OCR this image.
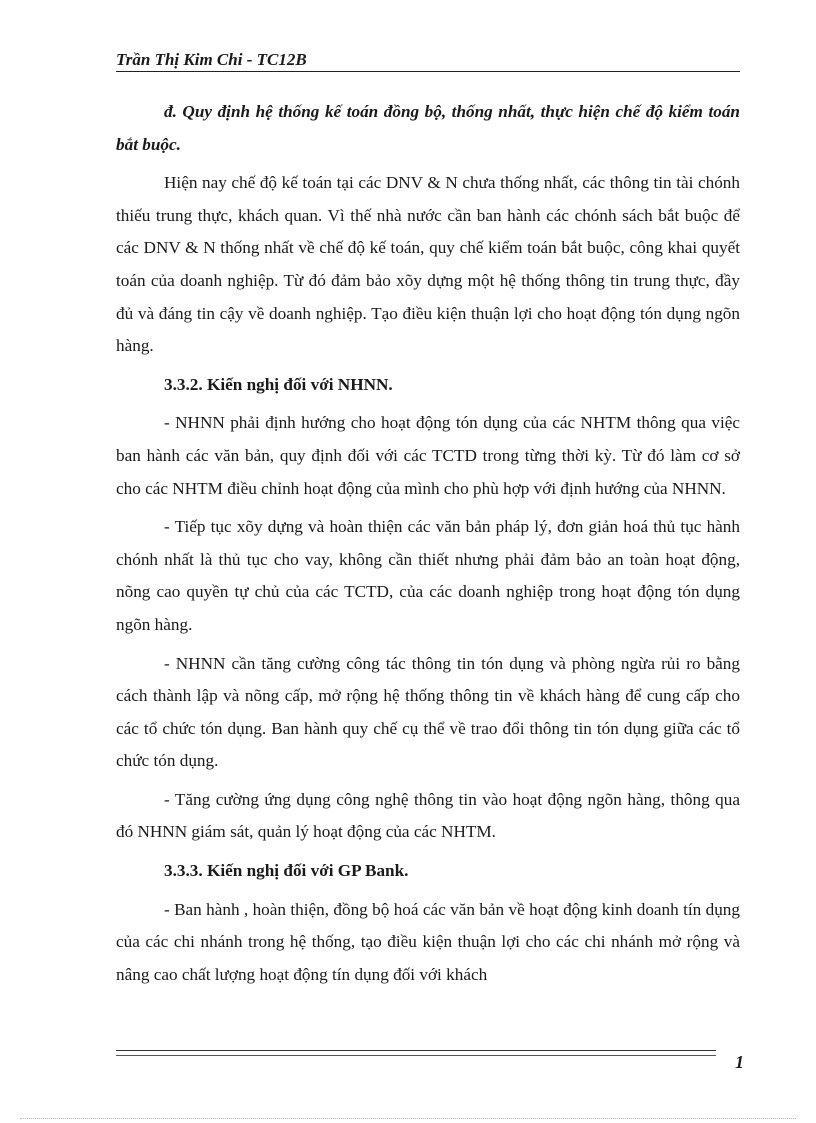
Trần Thị Kim Chi - TC12B

đ. Quy định hệ thống kế toán đồng bộ, thống nhất, thực hiện chế độ kiểm toán bắt buộc.

Hiện nay chế độ kế toán tại các DNV & N chưa thống nhất, các thông tin tài chónh thiếu trung thực, khách quan. Vì thế nhà nước cần ban hành các chónh sách bắt buộc để các DNV & N thống nhất về chế độ kế toán, quy chế kiểm toán bắt buộc, công khai quyết toán của doanh nghiệp. Từ đó đảm bảo xõy dựng một hệ thống thông tin trung thực, đầy đủ và đáng tin cậy về doanh nghiệp. Tạo điều kiện thuận lợi cho hoạt động tón dụng ngõn hàng.

3.3.2. Kiến nghị đối với NHNN.

- NHNN phải định hướng cho hoạt động tón dụng của các NHTM thông qua việc ban hành các văn bản, quy định đối với các TCTD trong từng thời kỳ. Từ đó làm cơ sở cho các NHTM điều chỉnh hoạt động của mình cho phù hợp với định hướng của NHNN.

- Tiếp tục xõy dựng và hoàn thiện các văn bản pháp lý, đơn giản hoá thủ tục hành chónh nhất là thủ tục cho vay, không cần thiết nhưng phải đảm bảo an toàn hoạt động, nõng cao quyền tự chủ của các TCTD, của các doanh nghiệp trong hoạt động tón dụng ngõn hàng.

- NHNN cần tăng cường công tác thông tin tón dụng và phòng ngừa rủi ro bằng cách thành lập và nõng cấp, mở rộng hệ thống thông tin về khách hàng để cung cấp cho các tổ chức tón dụng. Ban hành quy chế cụ thể về trao đổi thông tin tón dụng giữa các tổ chức tón dụng.

- Tăng cường ứng dụng công nghệ thông tin vào hoạt động ngõn hàng, thông qua đó NHNN giám sát, quản lý hoạt động của các NHTM.

3.3.3. Kiến nghị đối với GP Bank.

- Ban hành , hoàn thiện, đồng bộ hoá các văn bản về hoạt động kinh doanh tín dụng của các chi nhánh trong hệ thống, tạo điều kiện thuận lợi cho các chi nhánh mở rộng và nâng cao chất lượng hoạt động tín dụng đối với khách

1
